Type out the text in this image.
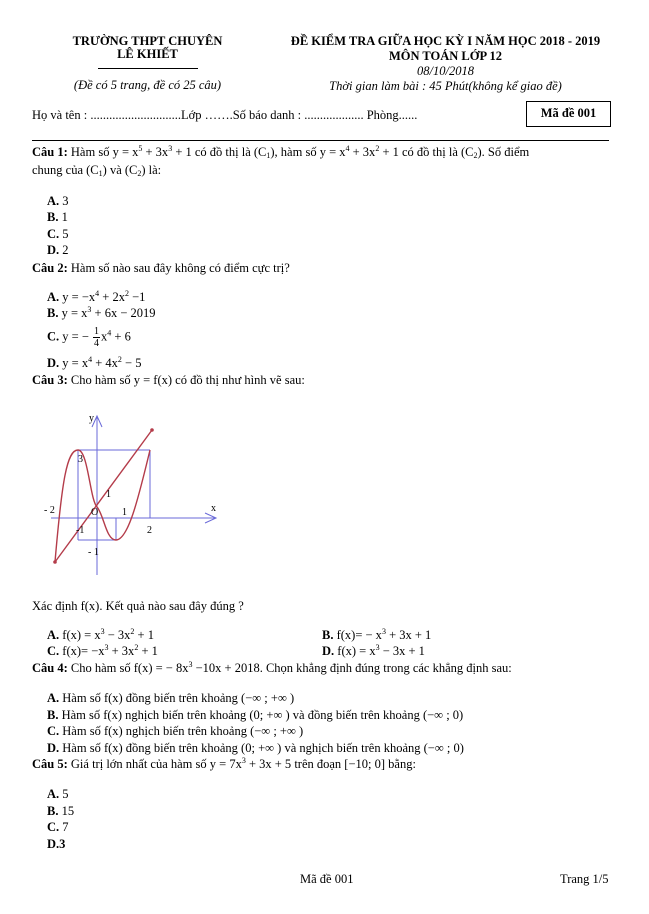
TRƯỜNG THPT CHUYÊN
LÊ KHIẾT
(Đề có 5 trang, đề có 25 câu)
ĐỀ KIỂM TRA GIỮA HỌC KỲ I NĂM HỌC 2018 - 2019
MÔN TOÁN LỚP 12
08/10/2018
Thời gian làm bài : 45 Phút(không kể giao đề)
Họ và tên : .............................Lớp …….Số báo danh : ................... Phòng......	Mã đề 001
Câu 1: Hàm số $y = x^5 + 3x^3 + 1$ có đồ thị là $(C_1)$, hàm số $y = x^4 + 3x^2 + 1$ có đồ thị là $(C_2)$. Số điểm
chung của $(C_1)$ và $(C_2)$ là:
A. 3
B. 1
C. 5
D. 2
Câu 2: Hàm số nào sau đây không có điểm cực trị?
A. $y = -x^4 + 2x^2 -1$
B. $y = x^3 + 6x - 2019$
C. y = − $\frac{1}{4} x^4 + 6$
D. $y = x^4 + 4x^2 - 5$
Câu 3: Cho hàm số y = f(x) có đồ thị như hình vẽ sau:
y
x
O
3
1
1
2
- 2
-1
- 1
Xác định f(x). Kết quả nào sau đây đúng ?
A. $f(x) = x^3 - 3x^2 + 1$	B. $f(x)= - x^3 + 3x + 1$
C. $f(x)= -x^3 + 3x^2 + 1$	D. $f(x) = x^3 - 3x + 1$
Câu 4: Cho hàm số f(x) = − $8x^3 -10x + 2018$. Chọn khẳng định đúng trong các khẳng định sau:
A. Hàm số f(x) đồng biến trên khoảng (−∞ ; +∞ )
B. Hàm số f(x) nghịch biến trên khoảng (0; +∞ ) và đồng biến trên khoảng (−∞ ; 0)
C. Hàm số f(x) nghịch biến trên khoảng (−∞ ; +∞ )
D. Hàm số f(x) đồng biến trên khoảng (0; +∞ ) và nghịch biến trên khoảng (−∞ ; 0)
Câu 5: Giá trị lớn nhất của hàm số $y = 7x^3 + 3x + 5$ trên đoạn [−10; 0] bằng:
A. 5
B. 15
C. 7
D.3
Mã đề 001	Trang 1/5
